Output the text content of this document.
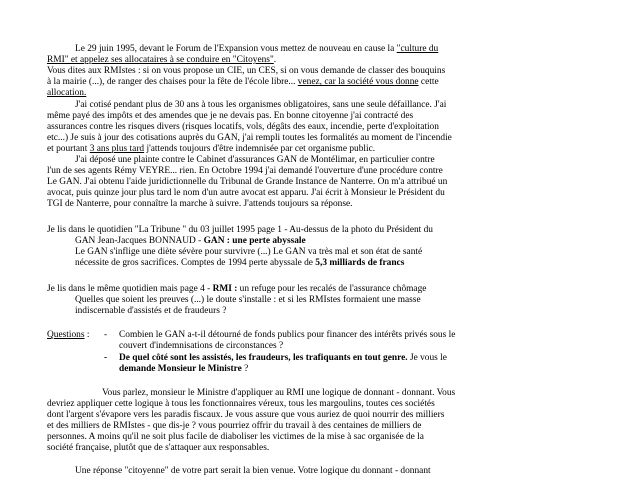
Le 29 juin 1995, devant le Forum de l'Expansion vous mettez de nouveau en cause la "culture du
RMI" et appelez ses allocataires à se conduire en "Citoyens".
Vous dites aux RMIstes : si on vous propose un CIE, un CES, si on vous demande de classer des bouquins
à la mairie (...), de ranger des chaises pour la fête de l'école libre... venez, car la société vous donne cette
allocation.
J'ai cotisé pendant plus de 30 ans à tous les organismes obligatoires, sans une seule défaillance. J'ai
même payé des impôts et des amendes que je ne devais pas. En bonne citoyenne j'ai contracté des
assurances contre les risques divers (risques locatifs, vols, dégâts des eaux, incendie, perte d'exploitation
etc...) Je suis à jour des cotisations auprès du GAN, j'ai rempli toutes les formalités au moment de l'incendie
et pourtant 3 ans plus tard j'attends toujours d'être indemnisée par cet organisme public.
J'ai déposé une plainte contre le Cabinet d'assurances GAN de Montélimar, en particulier contre
l'un de ses agents Rémy VEYRE... rien. En Octobre 1994 j'ai demandé l'ouverture d'une procédure contre
Le GAN. J'ai obtenu l'aide juridictionnelle du Tribunal de Grande Instance de Nanterre. On m'a attribué un
avocat, puis quinze jour plus tard le nom d'un autre avocat est apparu. J'ai écrit à Monsieur le Président du
TGI de Nanterre, pour connaître la marche à suivre. J'attends toujours sa réponse.
Je lis dans le quotidien "La Tribune " du 03 juillet 1995 page 1 - Au-dessus de la photo du Président du
GAN Jean-Jacques BONNAUD - GAN : une perte abyssale
Le GAN s'inflige une diète sévère pour survivre (...) Le GAN va très mal et son état de santé
nécessite de gros sacrifices. Comptes de 1994 perte abyssale de 5,3 milliards de francs
Je lis dans le même quotidien mais page 4 - RMI : un refuge pour les recalés de l'assurance chômage
Quelles que soient les preuves (...) le doute s'installe : et si les RMIstes formaient une masse
indiscernable d'assistés et de fraudeurs ?
Questions : - Combien le GAN a-t-il détourné de fonds publics pour financer des intérêts privés sous le
couvert d'indemnisations de circonstances ?
- De quel côté sont les assistés, les fraudeurs, les trafiquants en tout genre. Je vous le
demande Monsieur le Ministre ?
Vous parlez, monsieur le Ministre d'appliquer au RMI une logique de donnant - donnant. Vous
devriez appliquer cette logique à tous les fonctionnaires véreux, tous les margoulins, toutes ces sociétés
dont l'argent s'évapore vers les paradis fiscaux. Je vous assure que vous auriez de quoi nourrir des milliers
et des milliers de RMIstes - que dis-je ? vous pourriez offrir du travail à des centaines de milliers de
personnes. A moins qu'il ne soit plus facile de diaboliser les victimes de la mise à sac organisée de la
société française, plutôt que de s'attaquer aux responsables.
Une réponse "citoyenne" de votre part serait la bien venue. Votre logique du donnant - donnant
